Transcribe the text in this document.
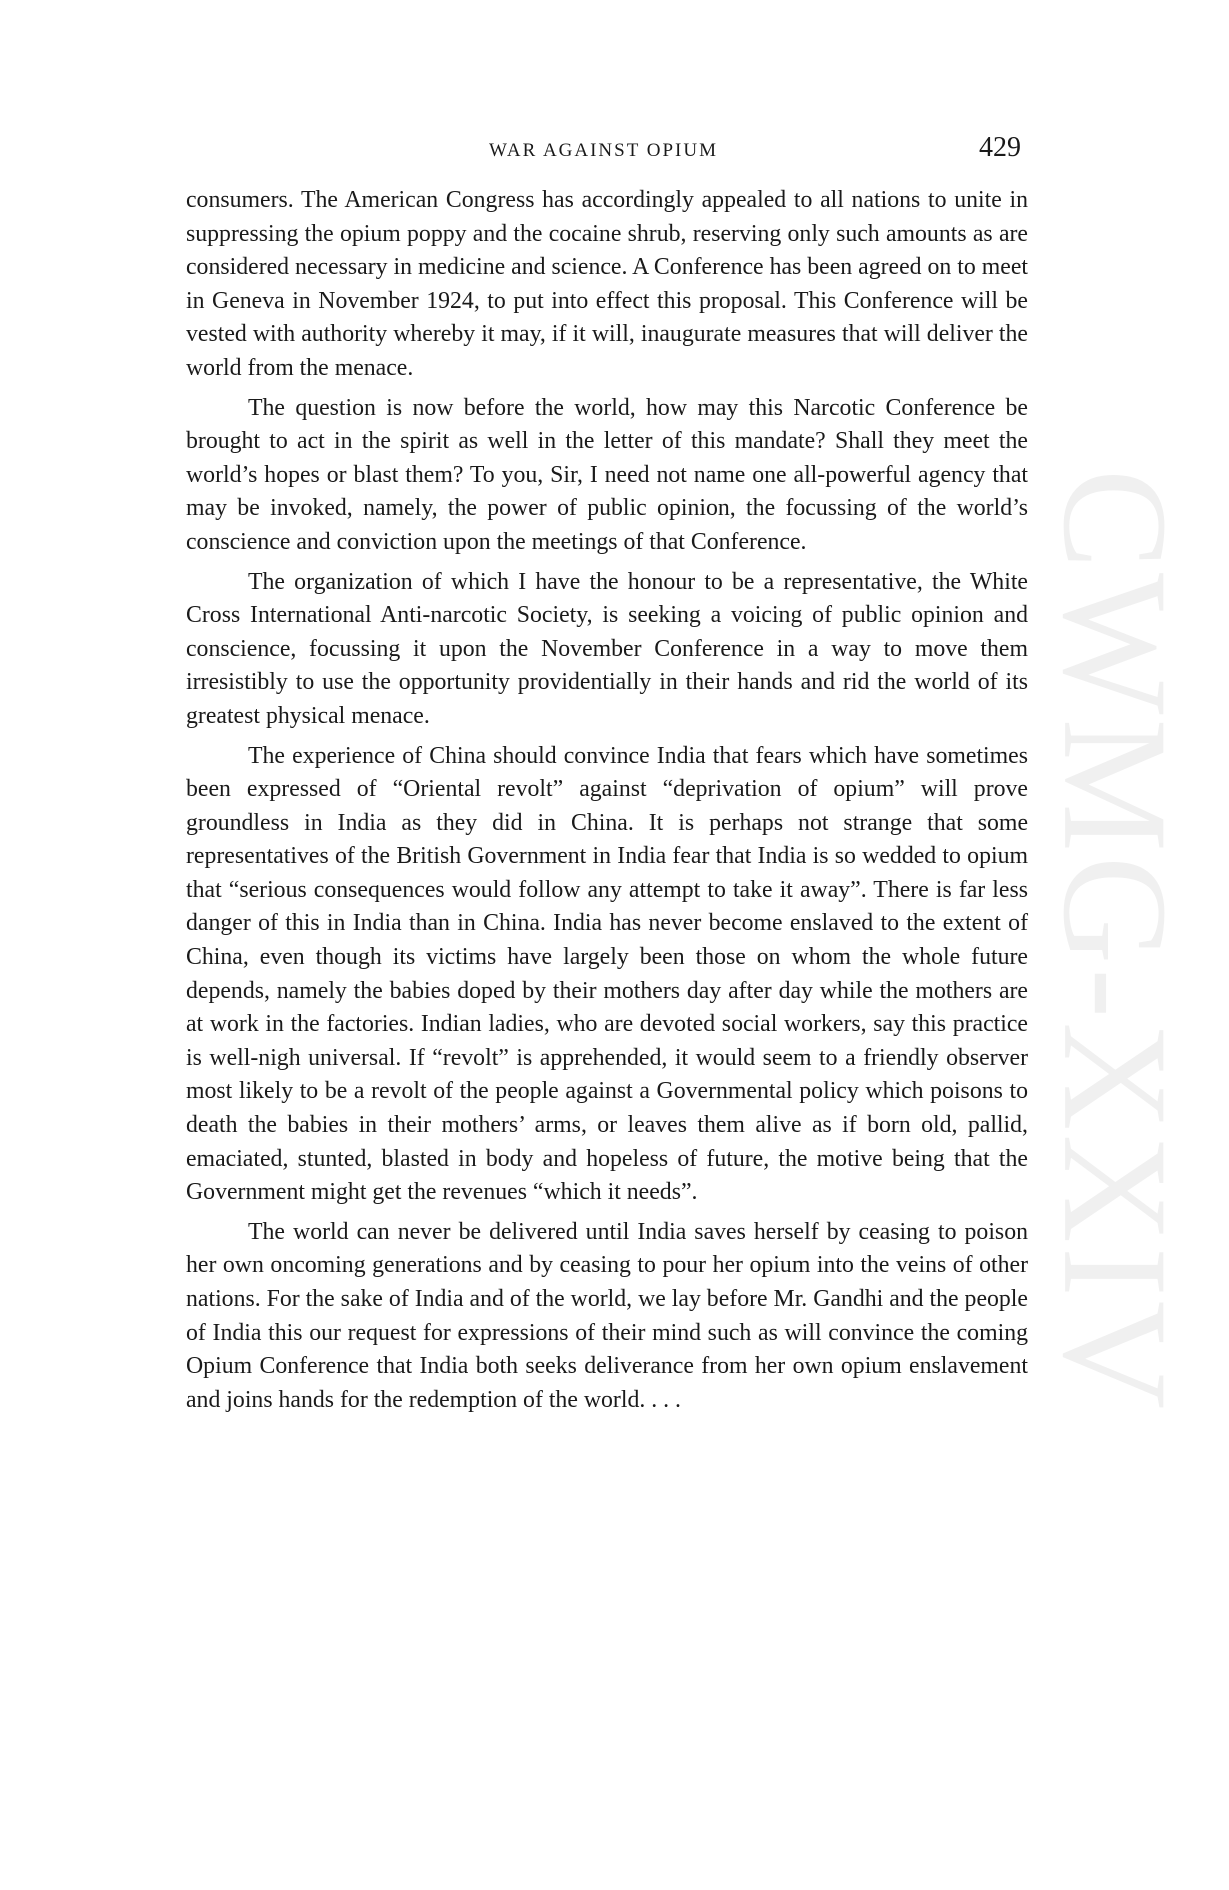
WAR AGAINST OPIUM	429

consumers. The American Congress has accordingly appealed to all nations to unite in suppressing the opium poppy and the cocaine shrub, reserving only such amounts as are considered necessary in medicine and science. A Conference has been agreed on to meet in Geneva in November 1924, to put into effect this proposal. This Conference will be vested with authority whereby it may, if it will, inaugurate measures that will deliver the world from the menace.

The question is now before the world, how may this Narcotic Conference be brought to act in the spirit as well in the letter of this mandate? Shall they meet the world’s hopes or blast them? To you, Sir, I need not name one all-powerful agency that may be invoked, namely, the power of public opinion, the focussing of the world’s conscience and conviction upon the meetings of that Conference.

The organization of which I have the honour to be a representative, the White Cross International Anti-narcotic Society, is seeking a voicing of public opinion and conscience, focussing it upon the November Conference in a way to move them irresistibly to use the opportunity providentially in their hands and rid the world of its greatest physical menace.

The experience of China should convince India that fears which have sometimes been expressed of “Oriental revolt” against “deprivation of opium” will prove groundless in India as they did in China. It is perhaps not strange that some representatives of the British Government in India fear that India is so wedded to opium that “serious consequences would follow any attempt to take it away”. There is far less danger of this in India than in China. India has never become enslaved to the extent of China, even though its victims have largely been those on whom the whole future depends, namely the babies doped by their mothers day after day while the mothers are at work in the factories. Indian ladies, who are devoted social workers, say this practice is well-nigh universal. If “revolt” is apprehended, it would seem to a friendly observer most likely to be a revolt of the people against a Governmental policy which poisons to death the babies in their mothers’ arms, or leaves them alive as if born old, pallid, emaciated, stunted, blasted in body and hopeless of future, the motive being that the Government might get the revenues “which it needs”.

The world can never be delivered until India saves herself by ceasing to poison her own oncoming generations and by ceasing to pour her opium into the veins of other nations. For the sake of India and of the world, we lay before Mr. Gandhi and the people of India this our request for expressions of their mind such as will convince the coming Opium Conference that India both seeks deliverance from her own opium enslavement and joins hands for the redemption of the world. . . .	CWMG-XXIV
